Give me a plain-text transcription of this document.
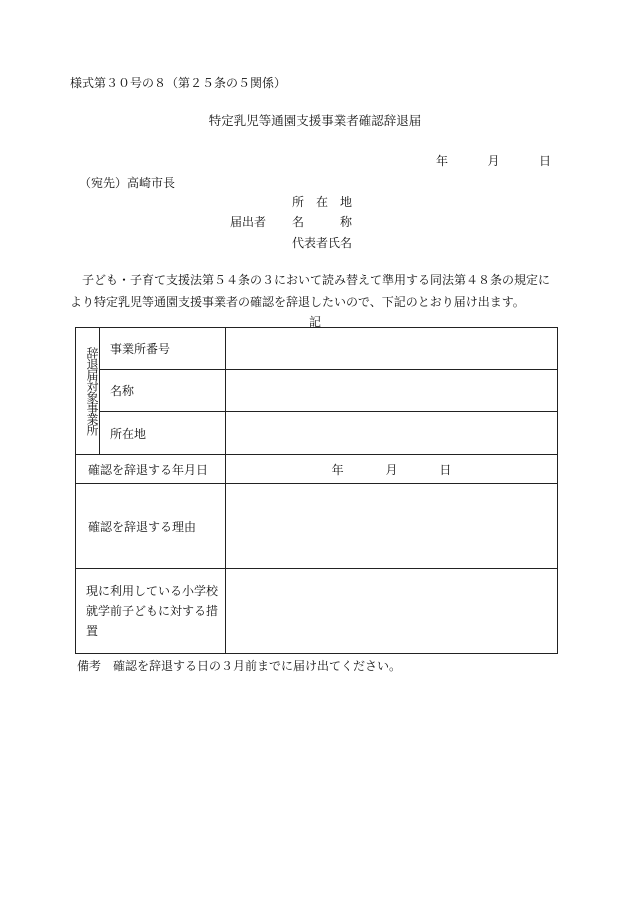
様式第３０号の８（第２５条の５関係）
特定乳児等通園支援事業者確認辞退届
年	月	日
（宛先）高崎市長
届出者
所　在　地
名　　　称
代表者氏名
子ども・子育て支援法第５４条の３において読み替えて準用する同法第４８条の規定に
より特定乳児等通園支援事業者の確認を辞退したいので、下記のとおり届け出ます。
記
辞退届対象事業所	事業所番号	
	名称	
	所在地	
確認を辞退する年月日		年 月 日
確認を辞退する理由		
現に利用している小学校就学前子どもに対する措置		
備考　確認を辞退する日の３月前までに届け出てください。
